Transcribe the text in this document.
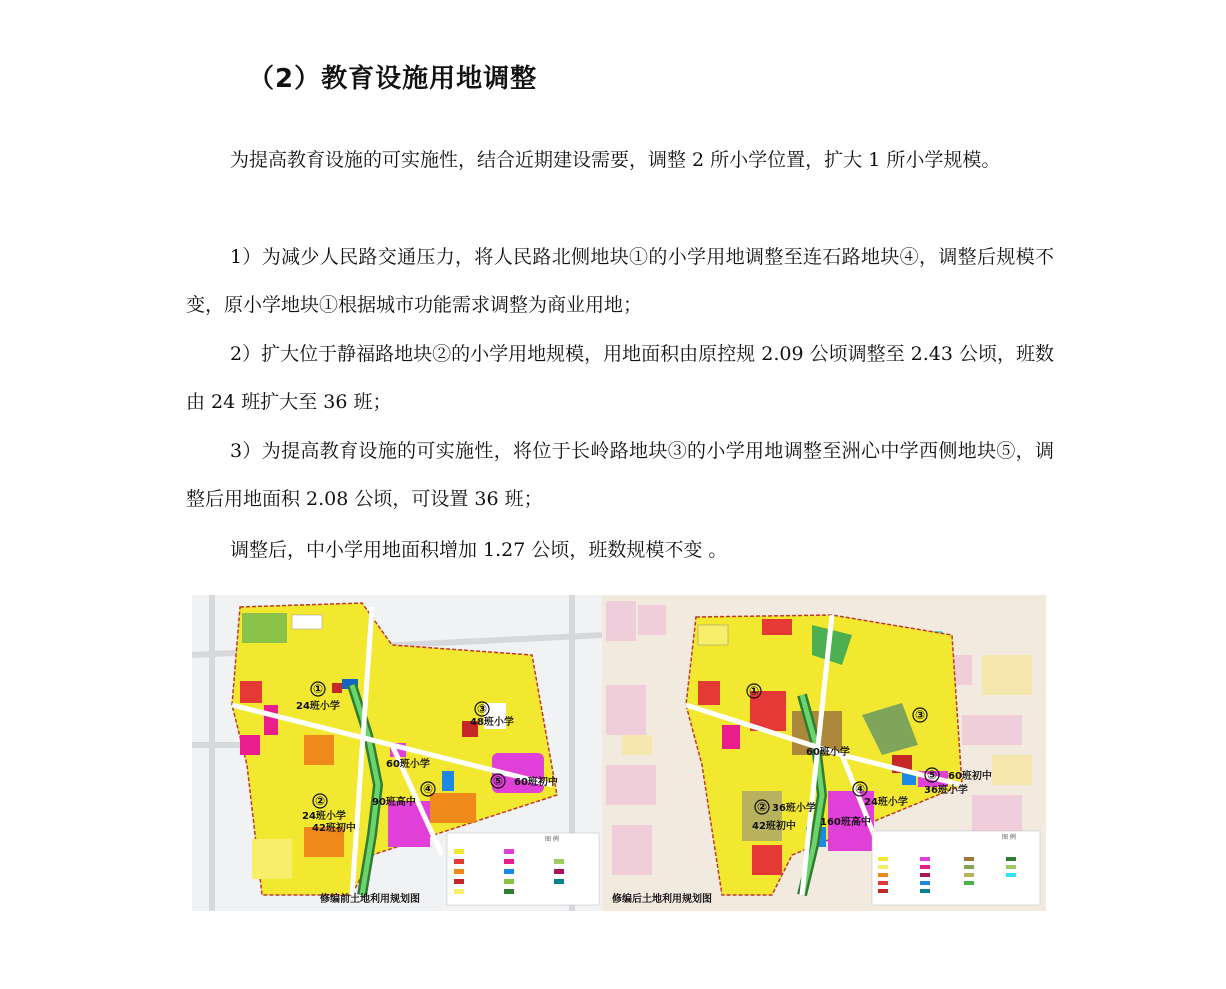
（2）教育设施用地调整

为提高教育设施的可实施性，结合近期建设需要，调整 2 所小学位置，扩大 1 所小学规模。

1）为减少人民路交通压力，将人民路北侧地块①的小学用地调整至连石路地块④，调整后规模不变，原小学地块①根据城市功能需求调整为商业用地；

2）扩大位于静福路地块②的小学用地规模，用地面积由原控规 2.09 公顷调整至 2.43 公顷，班数由 24 班扩大至 36 班；

3）为提高教育设施的可实施性，将位于长岭路地块③的小学用地调整至洲心中学西侧地块⑤，调整后用地面积 2.08 公顷，可设置 36 班；

调整后，中小学用地面积增加 1.27 公顷，班数规模不变 。

图 例
①
24班小学
②
24班小学
③
48班小学
④
⑤ 60班初中
60班小学
90班高中
42班初中
修编前土地利用规划图
图 例
①
② 36班小学
③
④
24班小学
⑤ 60班初中
60班小学
160班高中
42班初中
36班小学
修编后土地利用规划图
